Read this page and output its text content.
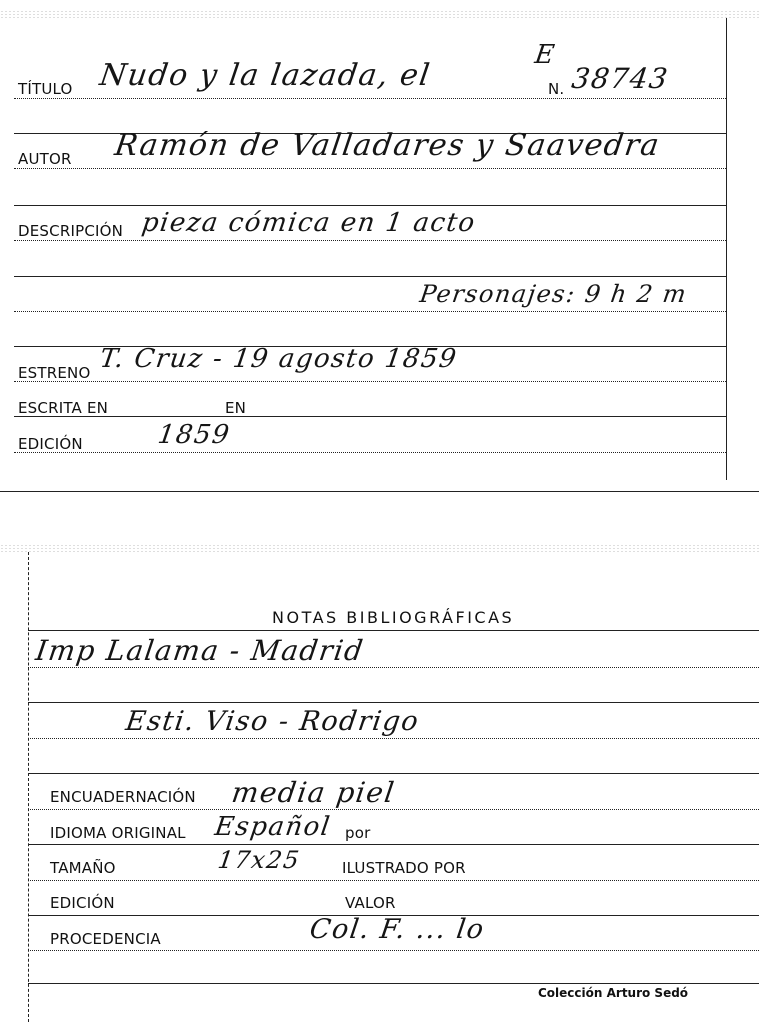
TÍTULO Nudo y la lazada, el
E
N. 38743
AUTOR Ramón de Valladares y Saavedra
DESCRIPCIÓN pieza cómica en 1 acto
Personajes: 9 h 2 m
ESTRENO T. Cruz - 19 agosto 1859
ESCRITA EN	EN
EDICIÓN	1859
NOTAS BIBLIOGRÁFICAS
Imp Lalama - Madrid
Esti. Viso - Rodrigo
ENCUADERNACIÓN media piel
IDIOMA ORIGINAL Español por
TAMAÑO	17x25	ILUSTRADO POR
EDICIÓN	VALOR
PROCEDENCIA	Col. F. ... lo
Colección Arturo Sedó
